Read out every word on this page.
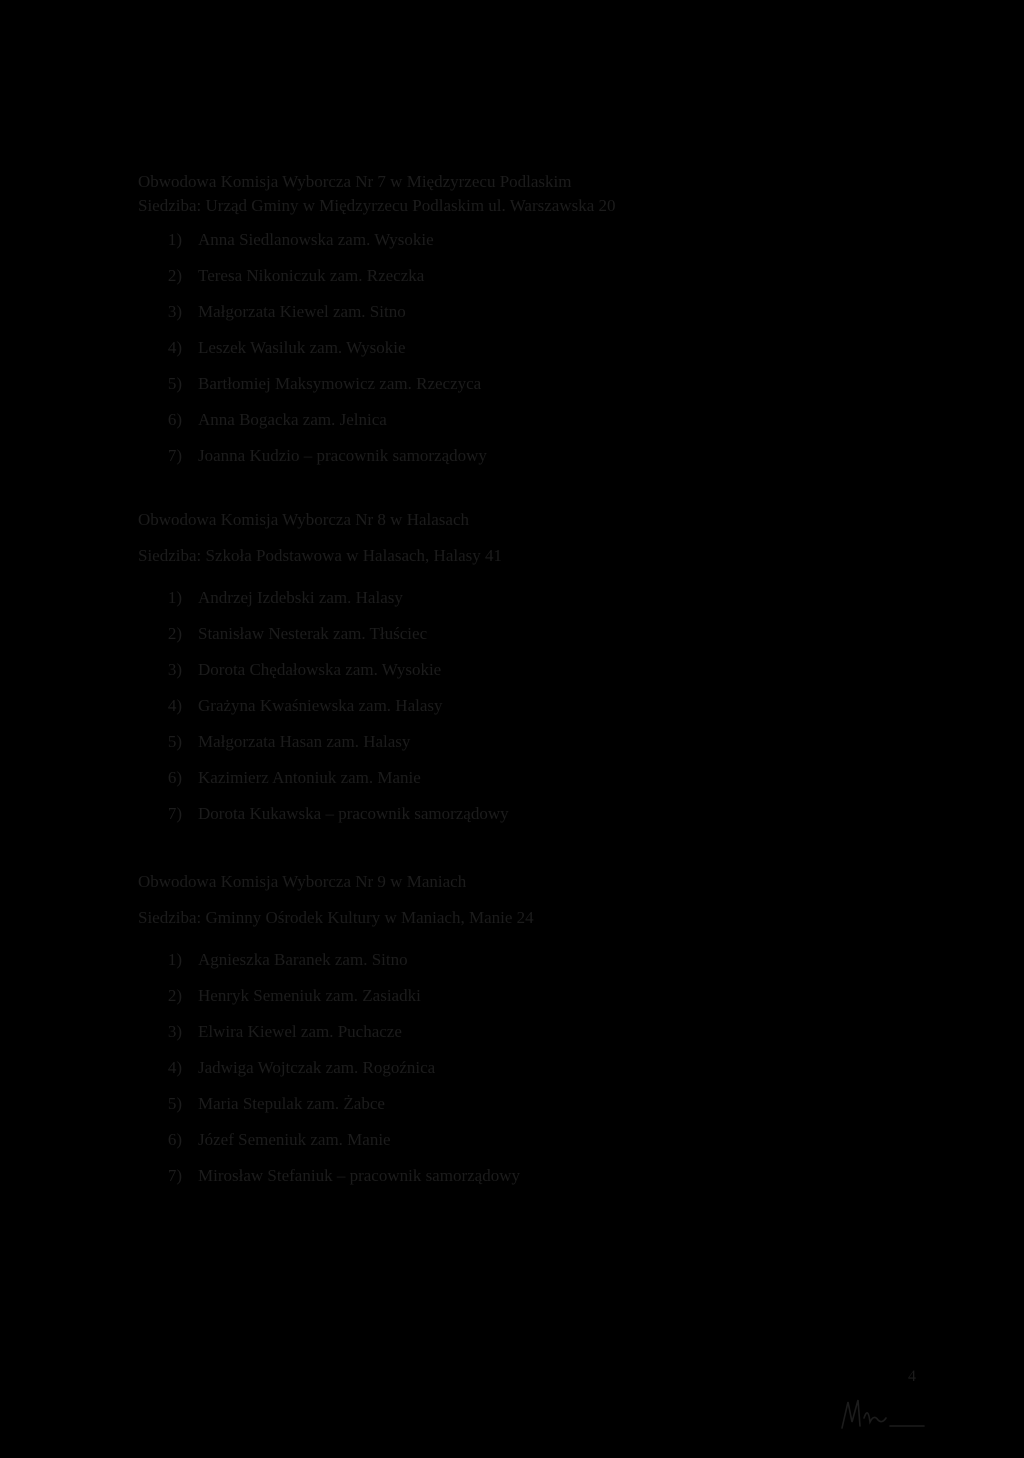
Obwodowa Komisja Wyborcza Nr 7 w Międzyrzecu Podlaskim

Siedziba: Urząd Gminy w Międzyrzecu Podlaskim ul. Warszawska 20

1) Anna Siedlanowska zam. Wysokie
2) Teresa Nikoniczuk zam. Rzeczka
3) Małgorzata Kiewel zam. Sitno
4) Leszek Wasiluk zam. Wysokie
5) Bartłomiej Maksymowicz zam. Rzeczyca
6) Anna Bogacka zam. Jelnica
7) Joanna Kudzio – pracownik samorządowy

Obwodowa Komisja Wyborcza Nr 8 w Halasach

Siedziba: Szkoła Podstawowa w Halasach, Halasy 41

1) Andrzej Izdebski zam. Halasy
2) Stanisław Nesterak zam. Tłuściec
3) Dorota Chędałowska zam. Wysokie
4) Grażyna Kwaśniewska zam. Halasy
5) Małgorzata Hasan zam. Halasy
6) Kazimierz Antoniuk zam. Manie
7) Dorota Kukawska – pracownik samorządowy

Obwodowa Komisja Wyborcza Nr 9 w Maniach

Siedziba: Gminny Ośrodek Kultury w Maniach, Manie 24

1) Agnieszka Baranek zam. Sitno
2) Henryk Semeniuk zam. Zasiadki
3) Elwira Kiewel zam. Puchacze
4) Jadwiga Wojtczak zam. Rogoźnica
5) Maria Stepulak zam. Żabce
6) Józef Semeniuk zam. Manie
7) Mirosław Stefaniuk – pracownik samorządowy
4
